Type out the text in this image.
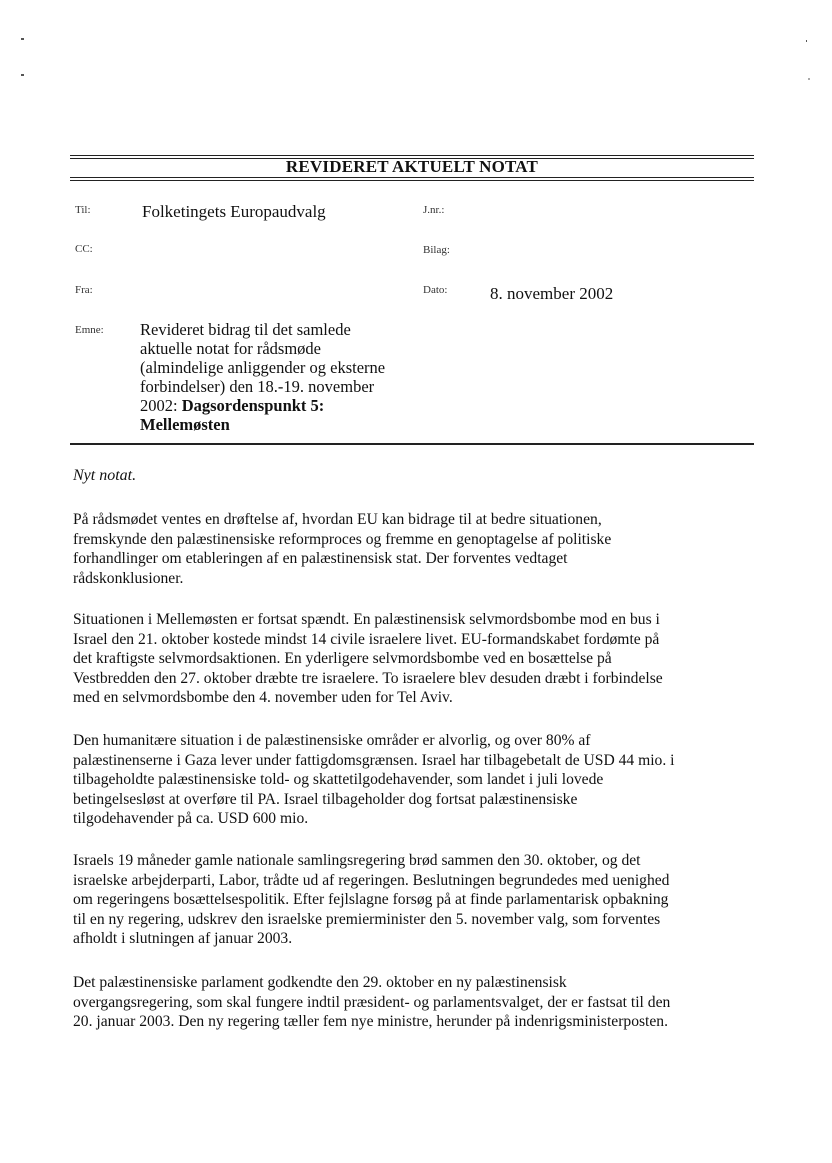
REVIDERET AKTUELT NOTAT
Til:	Folketingets Europaudvalg	J.nr.:
CC:	Bilag:
Fra:	Dato:	8. november 2002
Emne: Revideret bidrag til det samlede
aktuelle notat for rådsmøde
(almindelige anliggender og eksterne
forbindelser) den 18.-19. november
2002: Dagsordenspunkt 5:
Mellemøsten
Nyt notat.
På rådsmødet ventes en drøftelse af, hvordan EU kan bidrage til at bedre situationen,
fremskynde den palæstinensiske reformproces og fremme en genoptagelse af politiske
forhandlinger om etableringen af en palæstinensisk stat. Der forventes vedtaget
rådskonklusioner.
Situationen i Mellemøsten er fortsat spændt. En palæstinensisk selvmordsbombe mod en bus i
Israel den 21. oktober kostede mindst 14 civile israelere livet. EU-formandskabet fordømte på
det kraftigste selvmordsaktionen. En yderligere selvmordsbombe ved en bosættelse på
Vestbredden den 27. oktober dræbte tre israelere. To israelere blev desuden dræbt i forbindelse
med en selvmordsbombe den 4. november uden for Tel Aviv.
Den humanitære situation i de palæstinensiske områder er alvorlig, og over 80% af
palæstinenserne i Gaza lever under fattigdomsgrænsen. Israel har tilbagebetalt de USD 44 mio. i
tilbageholdte palæstinensiske told- og skattetilgodehavender, som landet i juli lovede
betingelsesløst at overføre til PA. Israel tilbageholder dog fortsat palæstinensiske
tilgodehavender på ca. USD 600 mio.
Israels 19 måneder gamle nationale samlingsregering brød sammen den 30. oktober, og det
israelske arbejderparti, Labor, trådte ud af regeringen. Beslutningen begrundedes med uenighed
om regeringens bosættelsespolitik. Efter fejlslagne forsøg på at finde parlamentarisk opbakning
til en ny regering, udskrev den israelske premierminister den 5. november valg, som forventes
afholdt i slutningen af januar 2003.
Det palæstinensiske parlament godkendte den 29. oktober en ny palæstinensisk
overgangsregering, som skal fungere indtil præsident- og parlamentsvalget, der er fastsat til den
20. januar 2003. Den ny regering tæller fem nye ministre, herunder på indenrigsministerposten.
